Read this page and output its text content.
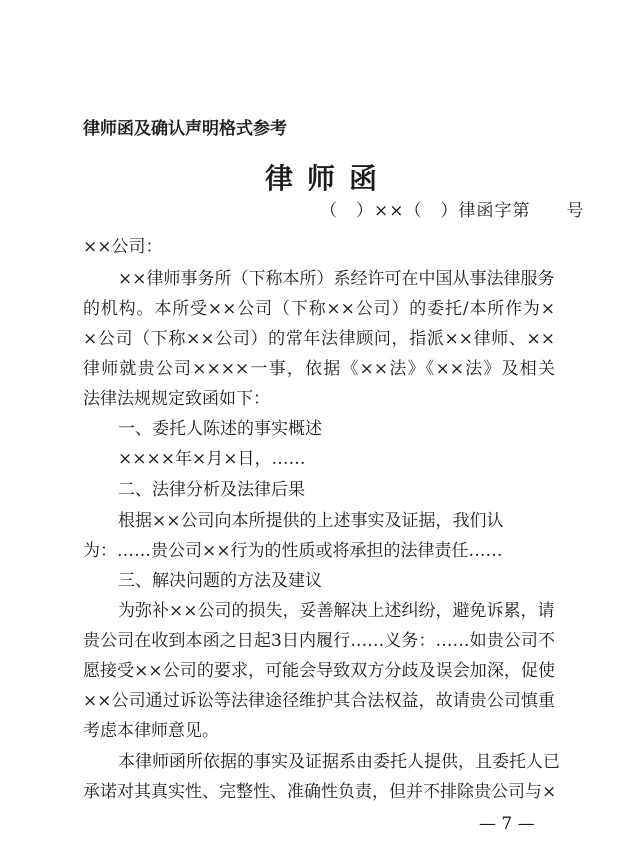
律师函及确认声明格式参考
律师函
（　）××（　）律函字第　　号
××公司：
××律师事务所（下称本所）系经许可在中国从事法律服务
的机构。本所受××公司（下称××公司）的委托/本所作为×
×公司（下称××公司）的常年法律顾问，指派××律师、××
律师就贵公司××××一事，依据《××法》《××法》及相关
法律法规规定致函如下：
一、委托人陈述的事实概述
××××年×月×日，……
二、法律分析及法律后果
根据××公司向本所提供的上述事实及证据，我们认
为：……贵公司××行为的性质或将承担的法律责任……
三、解决问题的方法及建议
为弥补××公司的损失，妥善解决上述纠纷，避免诉累，请
贵公司在收到本函之日起3日内履行……义务：……如贵公司不
愿接受××公司的要求，可能会导致双方分歧及误会加深，促使
××公司通过诉讼等法律途径维护其合法权益，故请贵公司慎重
考虑本律师意见。
本律师函所依据的事实及证据系由委托人提供，且委托人已
承诺对其真实性、完整性、准确性负责，但并不排除贵公司与×
— 7 —
